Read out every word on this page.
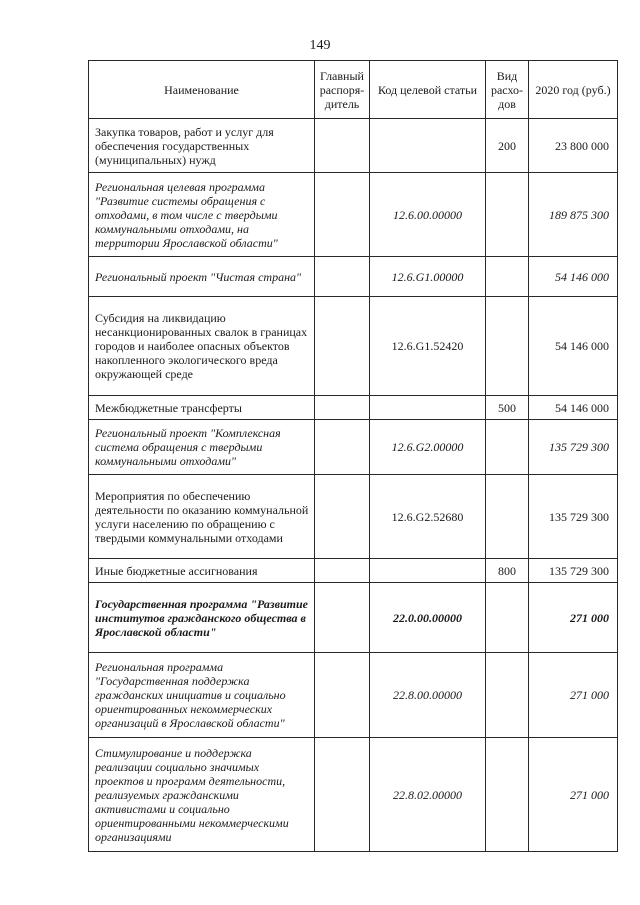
149
Наименование	Главный распоря-дитель	Код целевой статьи	Вид расхо-дов	2020 год (руб.)
Закупка товаров, работ и услуг для обеспечения государственных (муниципальных) нужд			200	23 800 000
Региональная целевая программа "Развитие системы обращения с отходами, в том числе с твердыми коммунальными отходами, на территории Ярославской области"		12.6.00.00000		189 875 300
Региональный проект "Чистая страна"		12.6.G1.00000		54 146 000
Субсидия на ликвидацию несанкционированных свалок в границах городов и наиболее опасных объектов накопленного экологического вреда окружающей среде		12.6.G1.52420		54 146 000
Межбюджетные трансферты			500	54 146 000
Региональный проект "Комплексная система обращения с твердыми коммунальными отходами"		12.6.G2.00000		135 729 300
Мероприятия по обеспечению деятельности по оказанию коммунальной услуги населению по обращению с твердыми коммунальными отходами		12.6.G2.52680		135 729 300
Иные бюджетные ассигнования			800	135 729 300
Государственная программа "Развитие институтов гражданского общества в Ярославской области"		22.0.00.00000		271 000
Региональная программа "Государственная поддержка гражданских инициатив и социально ориентированных некоммерческих организаций в Ярославской области"		22.8.00.00000		271 000
Стимулирование и поддержка реализации социально значимых проектов и программ деятельности, реализуемых гражданскими активистами и социально ориентированными некоммерческими организациями		22.8.02.00000		271 000
